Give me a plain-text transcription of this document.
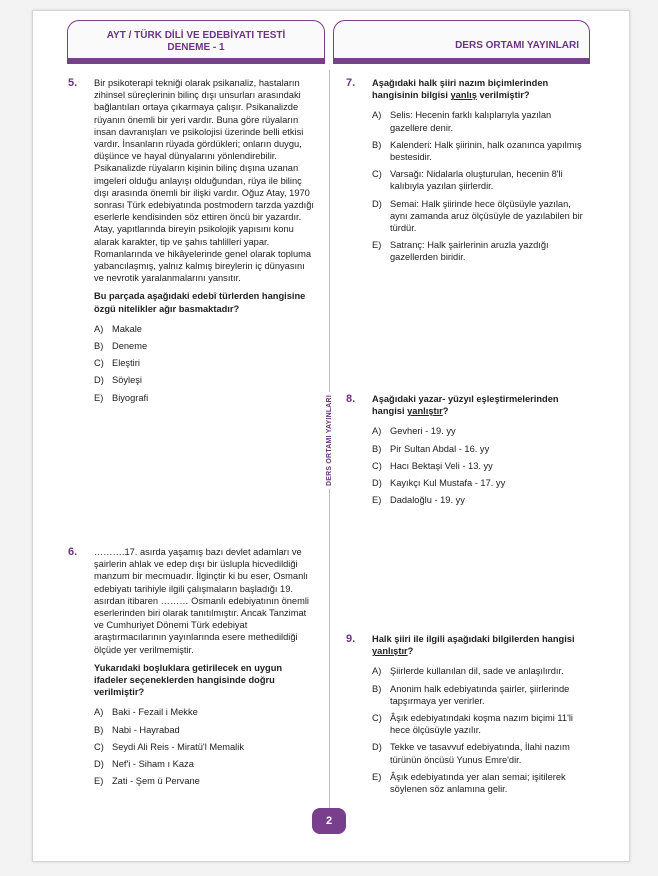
AYT / TÜRK DİLİ VE EDEBİYATI TESTİ
DENEME - 1	DERS ORTAMI YAYINLARI
DERS ORTAMI YAYINLARI
5. Bir psikoterapi tekniği olarak psikanaliz, hastaların zihinsel süreçlerinin bilinç dışı unsurları arasındaki bağlantıları ortaya çıkarmaya çalışır. Psikanalizde rüyanın önemli bir yeri vardır. Buna göre rüyaların insan davranışları ve psikolojisi üzerinde belli etkisi vardır. İnsanların rüyada gördükleri; onların duygu, düşünce ve hayal dünyalarını yönlendirebilir. Psikanalizde rüyaların kişinin bilinç dışına uzanan imgeleri olduğu anlayışı olduğundan, rüya ile bilinç dışı arasında önemli bir ilişki vardır. Oğuz Atay, 1970 sonrası Türk edebiyatında postmodern tarzda yazdığı eserlerle kendisinden söz ettiren öncü bir yazardır. Atay, yapıtlarında bireyin psikolojik yapısını konu alarak karakter, tip ve şahıs tahlilleri yapar. Romanlarında ve hikâyelerinde genel olarak topluma yabancılaşmış, yalnız kalmış bireylerin iç dünyasını ve nevrotik yaralanmalarını yansıtır.
Bu parçada aşağıdaki edebî türlerden hangisine özgü nitelikler ağır basmaktadır?
A) Makale
B) Deneme
C) Eleştiri
D) Söyleşi
E) Biyografi
6. ……….17. asırda yaşamış bazı devlet adamları ve şairlerin ahlak ve edep dışı bir üslupla hicvedildiği manzum bir mecmuadır. İlginçtir ki bu eser, Osmanlı edebiyatı tarihiyle ilgili çalışmaların başladığı 19. asırdan itibaren ……… Osmanlı edebiyatının önemli eserlerinden biri olarak tanıtılmıştır. Ancak Tanzimat ve Cumhuriyet Dönemi Türk edebiyat araştırmacılarının yayınlarında esere methedildiği ölçüde yer verilmemiştir.
Yukarıdaki boşluklara getirilecek en uygun ifadeler seçeneklerden hangisinde doğru verilmiştir?
A) Baki - Fezail i Mekke
B) Nabi - Hayrabad
C) Seydi Ali Reis - Miratü'l Memalik
D) Nef'i - Siham ı Kaza
E) Zati - Şem ü Pervane
7. Aşağıdaki halk şiiri nazım biçimlerinden hangisinin bilgisi yanlış verilmiştir?
A) Selis: Hecenin farklı kalıplarıyla yazılan gazellere denir.
B) Kalenderi: Halk şiirinin, halk ozanınca yapılmış bestesidir.
C) Varsağı: Nidalarla oluşturulan, hecenin 8'li kalıbıyla yazılan şiirlerdir.
D) Semai: Halk şiirinde hece ölçüsüyle yazılan, aynı zamanda aruz ölçüsüyle de yazılabilen bir türdür.
E) Satranç: Halk şairlerinin aruzla yazdığı gazellerden biridir.
8. Aşağıdaki yazar- yüzyıl eşleştirmelerinden hangisi yanlıştır?
A) Gevheri - 19. yy
B) Pir Sultan Abdal - 16. yy
C) Hacı Bektaşi Veli - 13. yy
D) Kayıkçı Kul Mustafa - 17. yy
E) Dadaloğlu - 19. yy
9. Halk şiiri ile ilgili aşağıdaki bilgilerden hangisi yanlıştır?
A) Şiirlerde kullanılan dil, sade ve anlaşılırdır.
B) Anonim halk edebiyatında şairler, şiirlerinde tapşırmaya yer verirler.
C) Âşık edebiyatındaki koşma nazım biçimi 11'li hece ölçüsüyle yazılır.
D) Tekke ve tasavvuf edebiyatında, İlahi nazım türünün öncüsü Yunus Emre'dir.
E) Âşık edebiyatında yer alan semai; işitilerek söylenen söz anlamına gelir.
2
